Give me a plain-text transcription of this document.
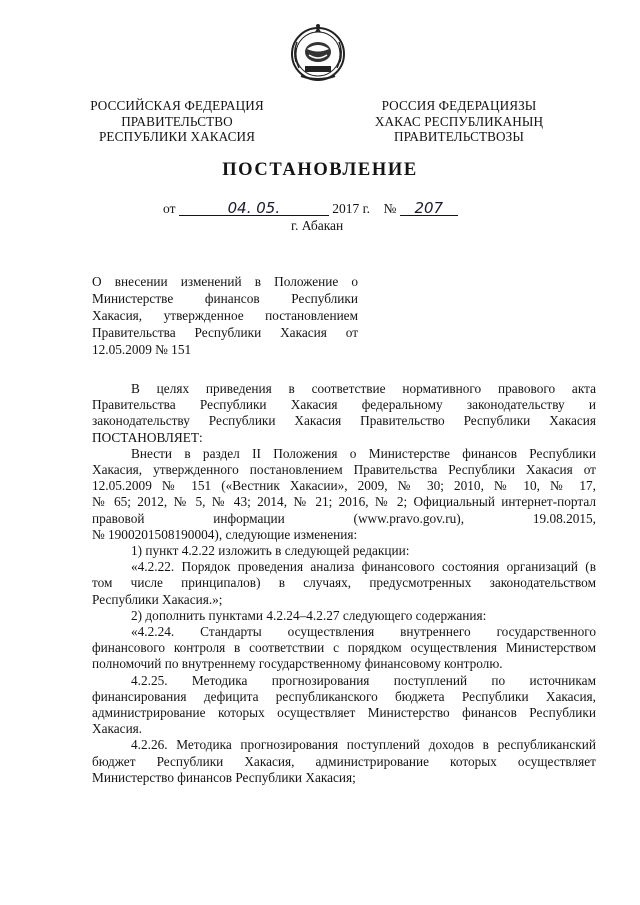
РОССИЙСКАЯ ФЕДЕРАЦИЯ
ПРАВИТЕЛЬСТВО
РЕСПУБЛИКИ ХАКАСИЯ
РОССИЯ ФЕДЕРАЦИЯЗЫ
ХАКАС РЕСПУБЛИКАНЫҢ
ПРАВИТЕЛЬСТВОЗЫ
ПОСТАНОВЛЕНИЕ
от	04. 05.	2017 г. № 207
г. Абакан
О внесении изменений в Положение о
Министерстве финансов Республики
Хакасия, утвержденное постановлением
Правительства Республики Хакасия от
12.05.2009 № 151
В целях приведения в соответствие нормативного правового акта
Правительства Республики Хакасия федеральному законодательству и
законодательству Республики Хакасия Правительство Республики Хакасия
ПОСТАНОВЛЯЕТ:
Внести в раздел II Положения о Министерстве финансов Республики
Хакасия, утвержденного постановлением Правительства Республики Хакасия от
12.05.2009 № 151 («Вестник Хакасии», 2009, № 30; 2010, № 10, № 17,
№ 65; 2012, № 5, № 43; 2014, № 21; 2016, № 2; Официальный интернет-портал
правовой информации (www.pravo.gov.ru), 19.08.2015,
№ 1900201508190004), следующие изменения:
1) пункт 4.2.22 изложить в следующей редакции:
«4.2.22. Порядок проведения анализа финансового состояния организаций (в
том числе принципалов) в случаях, предусмотренных законодательством
Республики Хакасия.»;
2) дополнить пунктами 4.2.24–4.2.27 следующего содержания:
«4.2.24. Стандарты осуществления внутреннего государственного
финансового контроля в соответствии с порядком осуществления Министерством
полномочий по внутреннему государственному финансовому контролю.
4.2.25. Методика прогнозирования поступлений по источникам
финансирования дефицита республиканского бюджета Республики Хакасия,
администрирование которых осуществляет Министерство финансов Республики
Хакасия.
4.2.26. Методика прогнозирования поступлений доходов в республиканский
бюджет Республики Хакасия, администрирование которых осуществляет
Министерство финансов Республики Хакасия;
